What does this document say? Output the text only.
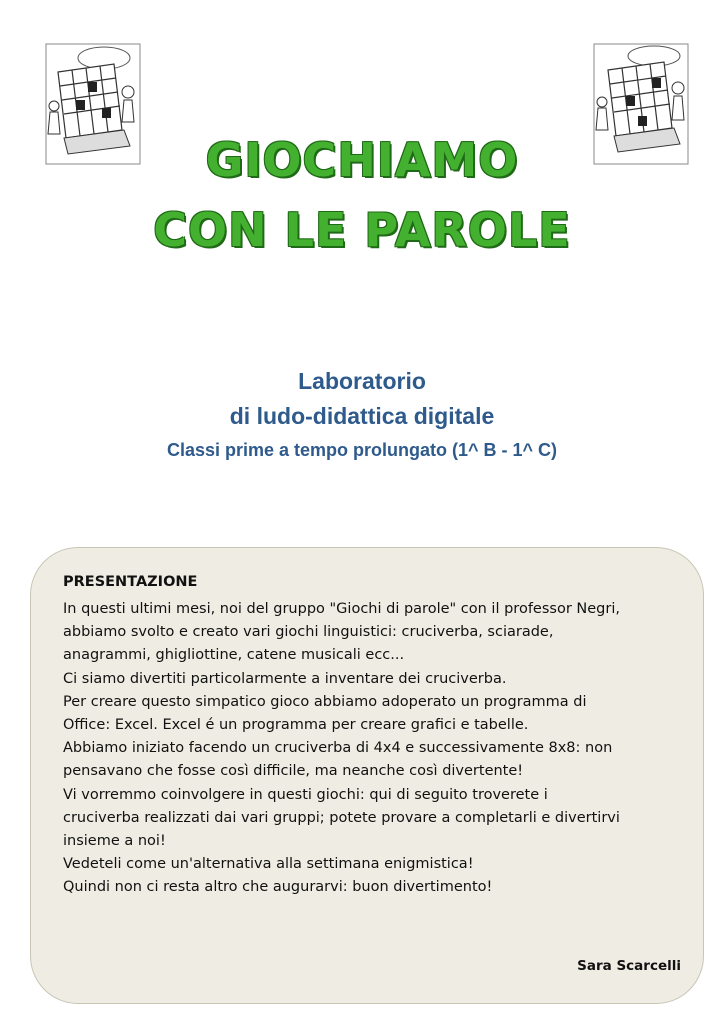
GIOCHIAMO
CON LE PAROLE
Laboratorio
di ludo-didattica digitale
Classi prime a tempo prolungato (1^ B - 1^ C)
PRESENTAZIONE

In questi ultimi mesi, noi del gruppo "Giochi di parole" con il professor Negri,

abbiamo svolto e creato vari giochi linguistici: cruciverba, sciarade,

anagrammi, ghigliottine, catene musicali ecc...

Ci siamo divertiti particolarmente a inventare dei cruciverba.

Per creare questo simpatico gioco abbiamo adoperato un programma di

Office: Excel. Excel é un programma per creare grafici e tabelle.

Abbiamo iniziato facendo un cruciverba di 4x4 e successivamente 8x8: non

pensavano che fosse così difficile, ma neanche così divertente!

Vi vorremmo coinvolgere in questi giochi: qui di seguito troverete i

cruciverba realizzati dai vari gruppi; potete provare a completarli e divertirvi

insieme a noi!

Vedeteli come un'alternativa alla settimana enigmistica!

Quindi non ci resta altro che augurarvi: buon divertimento!

Sara Scarcelli
